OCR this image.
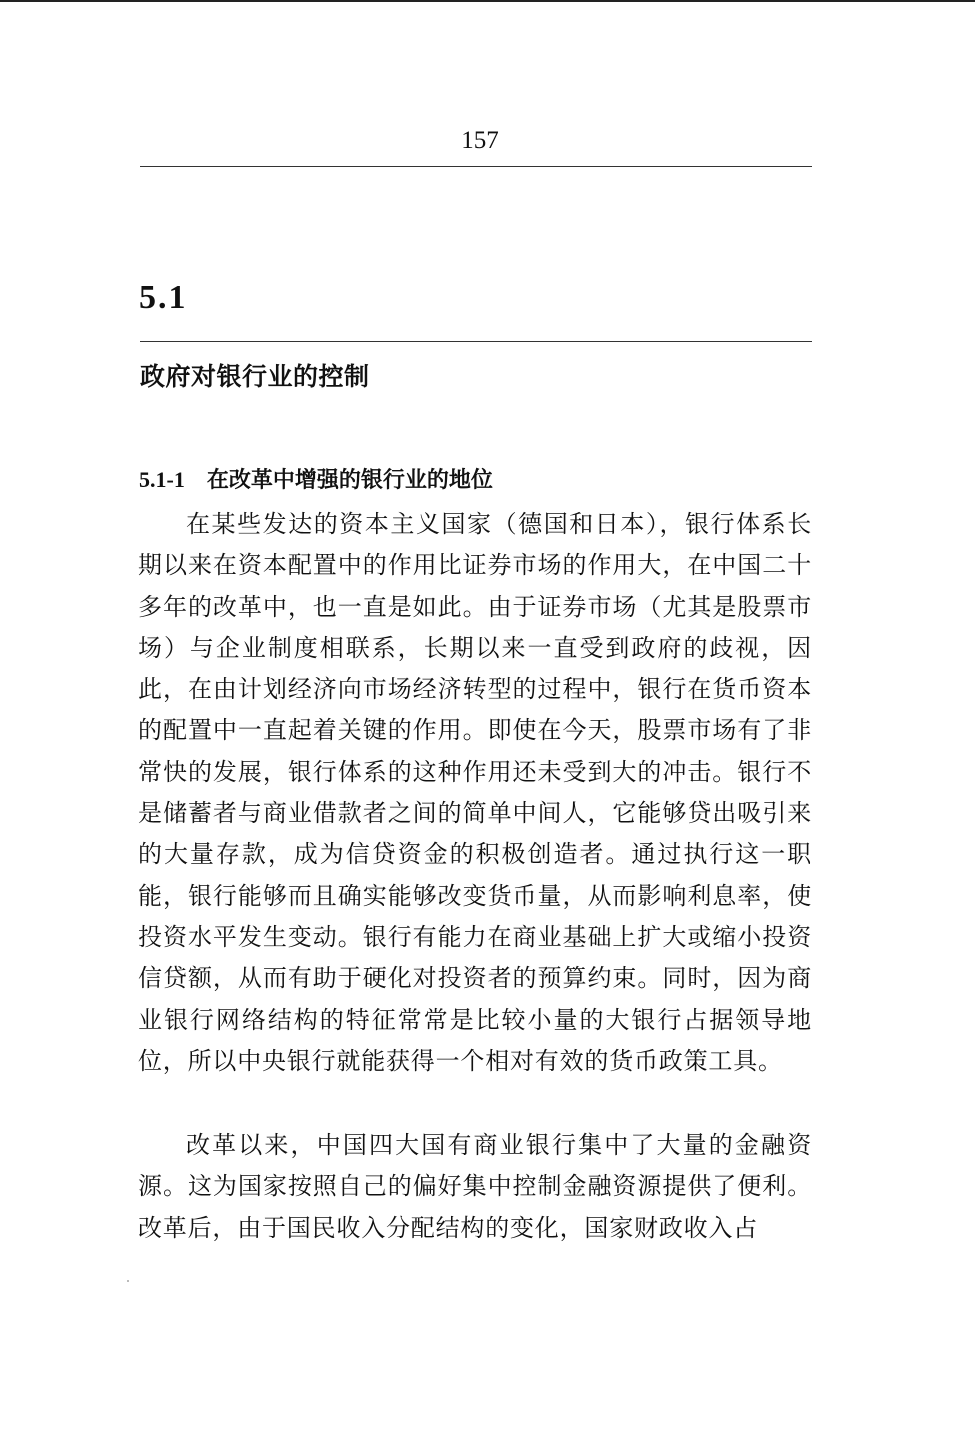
157
5.1
政府对银行业的控制
5.1-1 在改革中增强的银行业的地位

在某些发达的资本主义国家（德国和日本），银行体系长期以来在资本配置中的作用比证券市场的作用大，在中国二十多年的改革中，也一直是如此。由于证券市场（尤其是股票市场）与企业制度相联系，长期以来一直受到政府的歧视，因此，在由计划经济向市场经济转型的过程中，银行在货币资本的配置中一直起着关键的作用。即使在今天，股票市场有了非常快的发展，银行体系的这种作用还未受到大的冲击。银行不是储蓄者与商业借款者之间的简单中间人，它能够贷出吸引来的大量存款，成为信贷资金的积极创造者。通过执行这一职能，银行能够而且确实能够改变货币量，从而影响利息率，使投资水平发生变动。银行有能力在商业基础上扩大或缩小投资信贷额，从而有助于硬化对投资者的预算约束。同时，因为商业银行网络结构的特征常常是比较小量的大银行占据领导地位，所以中央银行就能获得一个相对有效的货币政策工具。

改革以来，中国四大国有商业银行集中了大量的金融资源。这为国家按照自己的偏好集中控制金融资源提供了便利。改革后，由于国民收入分配结构的变化，国家财政收入占
